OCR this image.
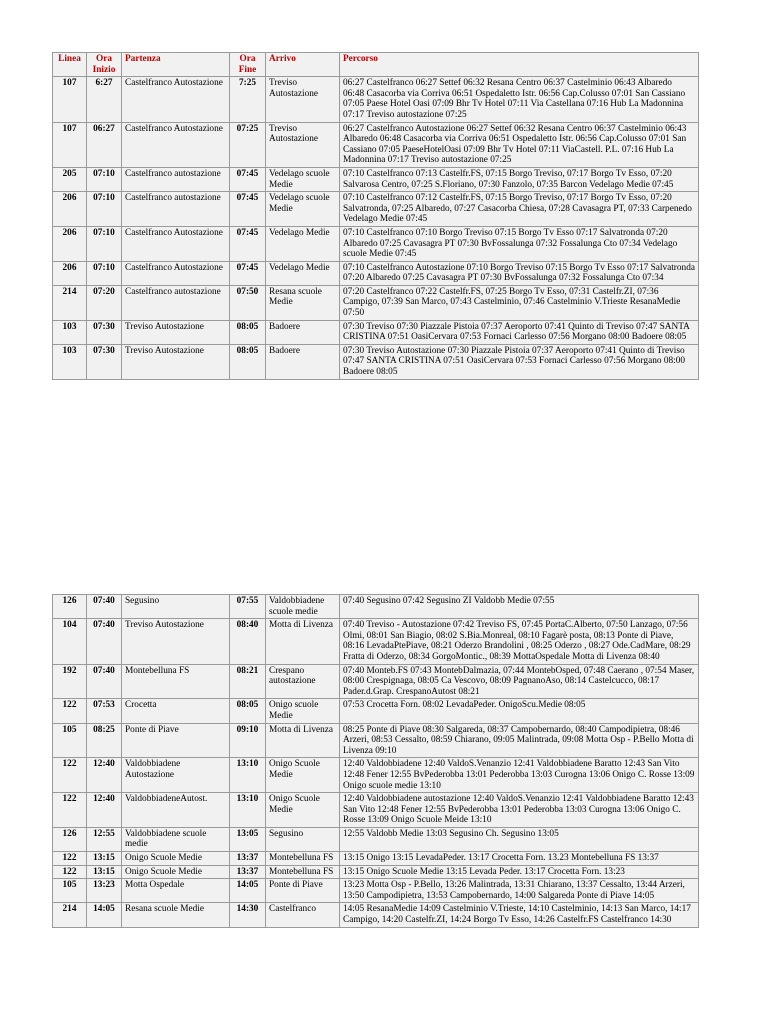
Linea	Ora Inizio	Partenza	Ora Fine	Arrivo	Percorso
107	6:27	Castelfranco Autostazione	7:25	Treviso Autostazione	06:27 Castelfranco 06:27 Settef 06:32 Resana Centro 06:37 Castelminio 06:43 Albaredo 06:48 Casacorba via Corriva 06:51 Ospedaletto Istr. 06:56 Cap.Colusso 07:01 San Cassiano 07:05 Paese Hotel Oasi 07:09 Bhr Tv Hotel 07:11 Via Castellana 07:16 Hub La Madonnina 07:17 Treviso autostazione 07:25
107	06:27	Castelfranco Autostazione	07:25	Treviso Autostazione	06:27 Castelfranco Autostazione 06:27 Settef 06:32 Resana Centro 06:37 Castelminio 06:43 Albaredo 06:48 Casacorba via Corriva 06:51 Ospedaletto Istr. 06:56 Cap.Colusso 07:01 San Cassiano 07:05 PaeseHotelOasi 07:09 Bhr Tv Hotel 07:11 ViaCastell. P.L. 07:16 Hub La Madonnina 07:17 Treviso autostazione 07:25
205	07:10	Castelfranco autostazione	07:45	Vedelago scuole Medie	07:10 Castelfranco 07:13 Castelfr.FS, 07:15 Borgo Treviso, 07:17 Borgo Tv Esso, 07:20 Salvarosa Centro, 07:25 S.Floriano, 07:30 Fanzolo, 07:35 Barcon Vedelago Medie 07:45
206	07:10	Castelfranco autostazione	07:45	Vedelago scuole Medie	07:10 Castelfranco 07:12 Castelfr.FS, 07:15 Borgo Treviso, 07:17 Borgo Tv Esso, 07:20 Salvatronda, 07:25 Albaredo, 07:27 Casacorba Chiesa, 07:28 Cavasagra PT, 07:33 Carpenedo Vedelago Medie 07:45
206	07:10	Castelfranco Autostazione	07:45	Vedelago Medie	07:10 Castelfranco 07:10 Borgo Treviso 07:15 Borgo Tv Esso 07:17 Salvatronda 07:20 Albaredo 07:25 Cavasagra PT 07:30 BvFossalunga 07:32 Fossalunga Cto 07:34 Vedelago scuole Medie 07:45
206	07:10	Castelfranco Autostazione	07:45	Vedelago Medie	07:10 Castelfranco Autostazione 07:10 Borgo Treviso 07:15 Borgo Tv Esso 07:17 Salvatronda 07:20 Albaredo 07:25 Cavasagra PT 07:30 BvFossalunga 07:32 Fossalunga Cto 07:34
214	07:20	Castelfranco autostazione	07:50	Resana scuole Medie	07:20 Castelfranco 07:22 Castelfr.FS, 07:25 Borgo Tv Esso, 07:31 Castelfr.ZI, 07:36 Campigo, 07:39 San Marco, 07:43 Castelminio, 07:46 Castelminio V.Trieste ResanaMedie 07:50
103	07:30	Treviso Autostazione	08:05	Badoere	07:30 Treviso 07:30 Piazzale Pistoia 07:37 Aeroporto 07:41 Quinto di Treviso 07:47 SANTA CRISTINA 07:51 OasiCervara 07:53 Fornaci Carlesso 07:56 Morgano 08:00 Badoere 08:05
103	07:30	Treviso Autostazione	08:05	Badoere	07:30 Treviso Autostazione 07:30 Piazzale Pistoia 07:37 Aeroporto 07:41 Quinto di Treviso 07:47 SANTA CRISTINA 07:51 OasiCervara 07:53 Fornaci Carlesso 07:56 Morgano 08:00 Badoere 08:05
126	07:40	Segusino	07:55	Valdobbiadene scuole medie	07:40 Segusino 07:42 Segusino ZI Valdobb Medie 07:55
104	07:40	Treviso Autostazione	08:40	Motta di Livenza	07:40 Treviso - Autostazione 07:42 Treviso FS, 07:45 PortaC.Alberto, 07:50 Lanzago, 07:56 Olmi, 08:01 San Biagio, 08:02 S.Bia.Monreal, 08:10 Fagarè posta, 08:13 Ponte di Piave, 08:16 LevadaPtePiave, 08:21 Oderzo Brandolini , 08:25 Oderzo , 08:27 Ode.CadMare, 08:29 Fratta di Oderzo, 08:34 GorgoMontic., 08:39 MottaOspedale Motta di Livenza 08:40
192	07:40	Montebelluna FS	08:21	Crespano autostazione	07:40 Monteb.FS 07:43 MontebDalmazia, 07:44 MontebOsped, 07:48 Caerano , 07:54 Maser, 08:00 Crespignaga, 08:05 Ca Vescovo, 08:09 PagnanoAso, 08:14 Castelcucco, 08:17 Pader.d.Grap. CrespanoAutost 08:21
122	07:53	Crocetta	08:05	Onigo scuole Medie	07:53 Crocetta Forn. 08:02 LevadaPeder. OnigoScu.Medie 08:05
105	08:25	Ponte di Piave	09:10	Motta di Livenza	08:25 Ponte di Piave 08:30 Salgareda, 08:37 Campobernardo, 08:40 Campodipietra, 08:46 Arzeri, 08:53 Cessalto, 08:59 Chiarano, 09:05 Malintrada, 09:08 Motta Osp - P.Bello Motta di Livenza 09:10
122	12:40	Valdobbiadene Autostazione	13:10	Onigo Scuole Medie	12:40 Valdobbiadene 12:40 ValdoS.Venanzio 12:41 Valdobbiadene Baratto 12:43 San Vito 12:48 Fener 12:55 BvPederobba 13:01 Pederobba 13:03 Curogna 13:06 Onigo C. Rosse 13:09 Onigo scuole medie 13:10
122	12:40	ValdobbiadeneAutost.	13:10	Onigo Scuole Medie	12:40 Valdobbiadene autostazione 12:40 ValdoS.Venanzio 12:41 Valdobbiadene Baratto 12:43 San Vito 12:48 Fener 12:55 BvPederobba 13:01 Pederobba 13:03 Curogna 13:06 Onigo C. Rosse 13:09 Onigo Scuole Meide 13:10
126	12:55	Valdobbiadene scuole medie	13:05	Segusino	12:55 Valdobb Medie 13:03 Segusino Ch. Segusino 13:05
122	13:15	Onigo Scuole Medie	13:37	Montebelluna FS	13:15 Onigo 13:15 LevadaPeder. 13:17 Crocetta Forn. 13.23 Montebelluna FS 13:37
122	13:15	Onigo Scuole Medie	13:37	Montebelluna FS	13:15 Onigo Scuole Medie 13:15 Levada Peder. 13:17 Crocetta Forn. 13:23
105	13:23	Motta Ospedale	14:05	Ponte di Piave	13:23 Motta Osp - P.Bello, 13:26 Malintrada, 13:31 Chiarano, 13:37 Cessalto, 13:44 Arzeri, 13:50 Campodipietra, 13:53 Campobernardo, 14:00 Salgareda Ponte di Piave 14:05
214	14:05	Resana scuole Medie	14:30	Castelfranco	14:05 ResanaMedie 14:09 Castelminio V.Trieste, 14:10 Castelminio, 14:13 San Marco, 14:17 Campigo, 14:20 Castelfr.ZI, 14:24 Borgo Tv Esso, 14:26 Castelfr.FS Castelfranco 14:30
